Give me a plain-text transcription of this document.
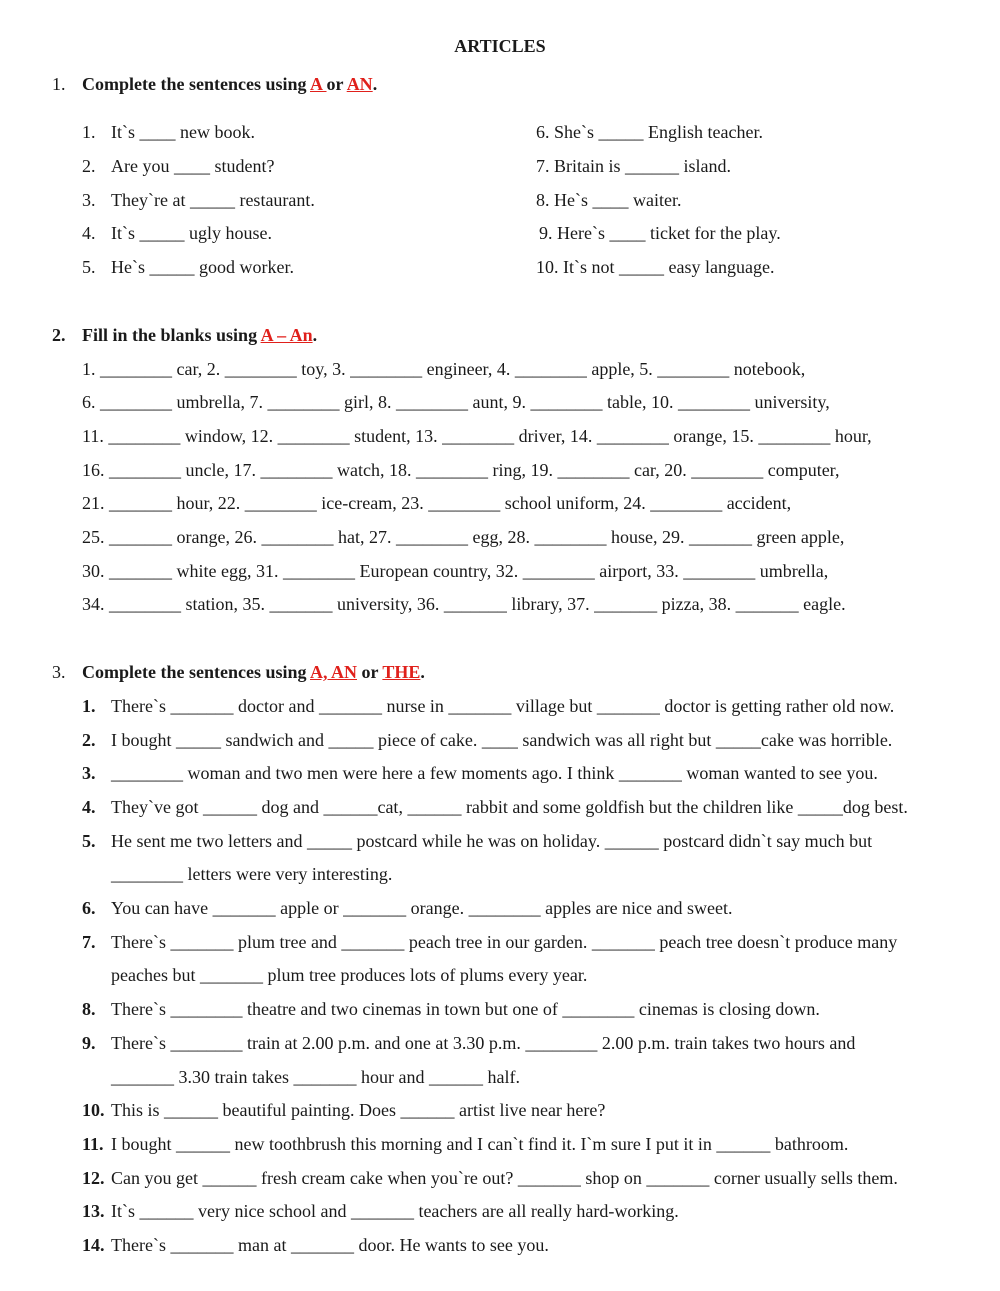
ARTICLES
1. Complete the sentences using A or AN.
1. It`s ____ new book.
2. Are you ____ student?
3. They`re at _____ restaurant.
4. It`s _____ ugly house.
5. He`s _____ good worker.
6. She`s _____ English teacher.
7. Britain is ______ island.
8. He`s ____ waiter.
9. Here`s ____ ticket for the play.
10. It`s not _____ easy language.
2. Fill in the blanks using A – An.
1. ________ car, 2. ________ toy, 3. ________ engineer, 4. ________ apple, 5. ________ notebook,
6. ________ umbrella, 7. ________ girl, 8. ________ aunt, 9. ________ table, 10. ________ university,
11. ________ window, 12. ________ student, 13. ________ driver, 14. ________ orange, 15. ________ hour,
16. ________ uncle, 17. ________ watch, 18. ________ ring, 19. ________ car, 20. ________ computer,
21. _______ hour, 22. ________ ice-cream, 23. ________ school uniform, 24. ________ accident,
25. _______ orange, 26. ________ hat, 27. ________ egg, 28. ________ house, 29. _______ green apple,
30. _______ white egg, 31. ________ European country, 32. ________ airport, 33. ________ umbrella,
34. ________ station, 35. _______ university, 36. _______ library, 37. _______ pizza, 38. _______ eagle.
3. Complete the sentences using A, AN or THE.
1. There`s _______ doctor and _______ nurse in _______ village but _______ doctor is getting rather old now.
2. I bought _____ sandwich and _____ piece of cake. ____ sandwich was all right but _____cake was horrible.
3. ________ woman and two men were here a few moments ago. I think _______ woman wanted to see you.
4. They`ve got ______ dog and ______cat, ______ rabbit and some goldfish but the children like _____dog best.
5. He sent me two letters and _____ postcard while he was on holiday. ______ postcard didn`t say much but
________ letters were very interesting.
6. You can have _______ apple or _______ orange. ________ apples are nice and sweet.
7. There`s _______ plum tree and _______ peach tree in our garden. _______ peach tree doesn`t produce many
peaches but _______ plum tree produces lots of plums every year.
8. There`s ________ theatre and two cinemas in town but one of ________ cinemas is closing down.
9. There`s ________ train at 2.00 p.m. and one at 3.30 p.m. ________ 2.00 p.m. train takes two hours and
_______ 3.30 train takes _______ hour and ______ half.
10. This is ______ beautiful painting. Does ______ artist live near here?
11. I bought ______ new toothbrush this morning and I can`t find it. I`m sure I put it in ______ bathroom.
12. Can you get ______ fresh cream cake when you`re out? _______ shop on _______ corner usually sells them.
13. It`s ______ very nice school and _______ teachers are all really hard-working.
14. There`s _______ man at _______ door. He wants to see you.
